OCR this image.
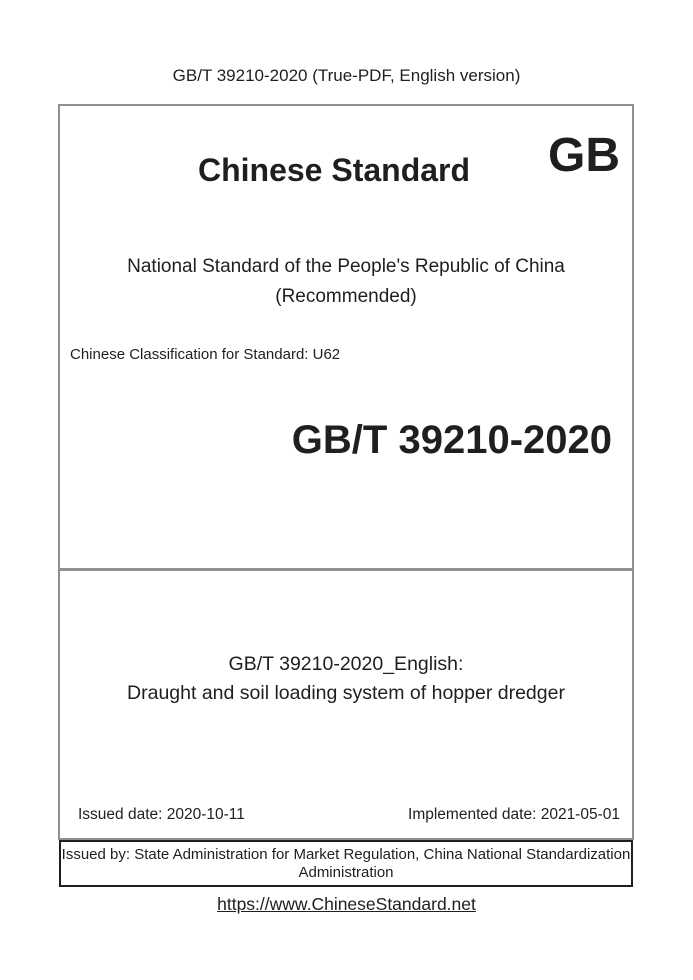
GB/T 39210-2020 (True-PDF, English version)
Chinese Standard	GB
National Standard of the People's Republic of China
(Recommended)
Chinese Classification for Standard: U62
GB/T 39210-2020
GB/T 39210-2020_English:
Draught and soil loading system of hopper dredger
Issued date: 2020-10-11	Implemented date: 2021-05-01
Issued by: State Administration for Market Regulation, China National Standardization
Administration
https://www.ChineseStandard.net
